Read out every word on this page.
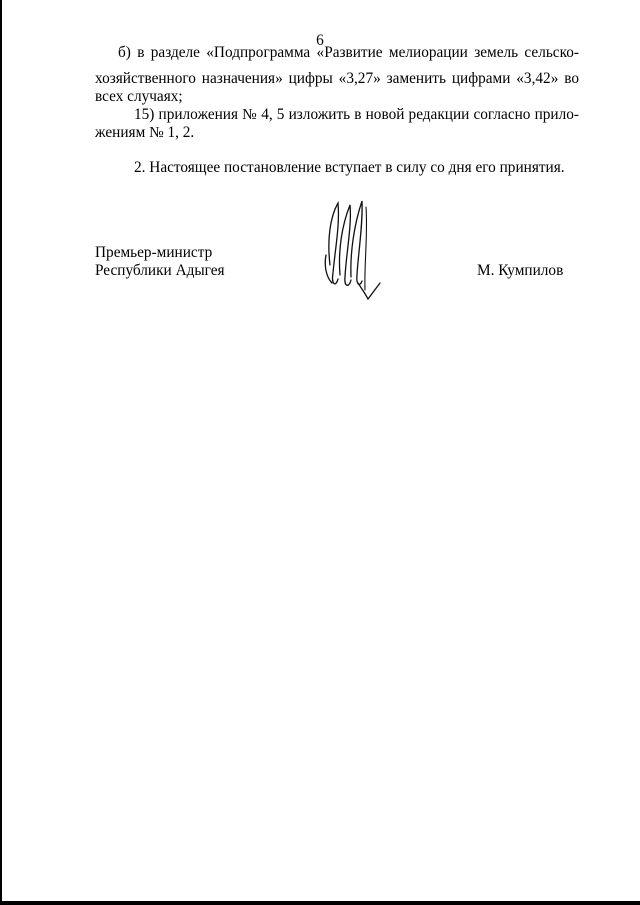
6
б) в разделе «Подпрограмма «Развитие мелиорации земель сельско-
хозяйственного назначения» цифры «3,27» заменить цифрами «3,42» во
всех случаях;
15) приложения № 4, 5 изложить в новой редакции согласно прило-
жениям № 1, 2.
2. Настоящее постановление вступает в силу со дня его принятия.
Премьер-министр
Республики Адыгея	М. Кумпилов
